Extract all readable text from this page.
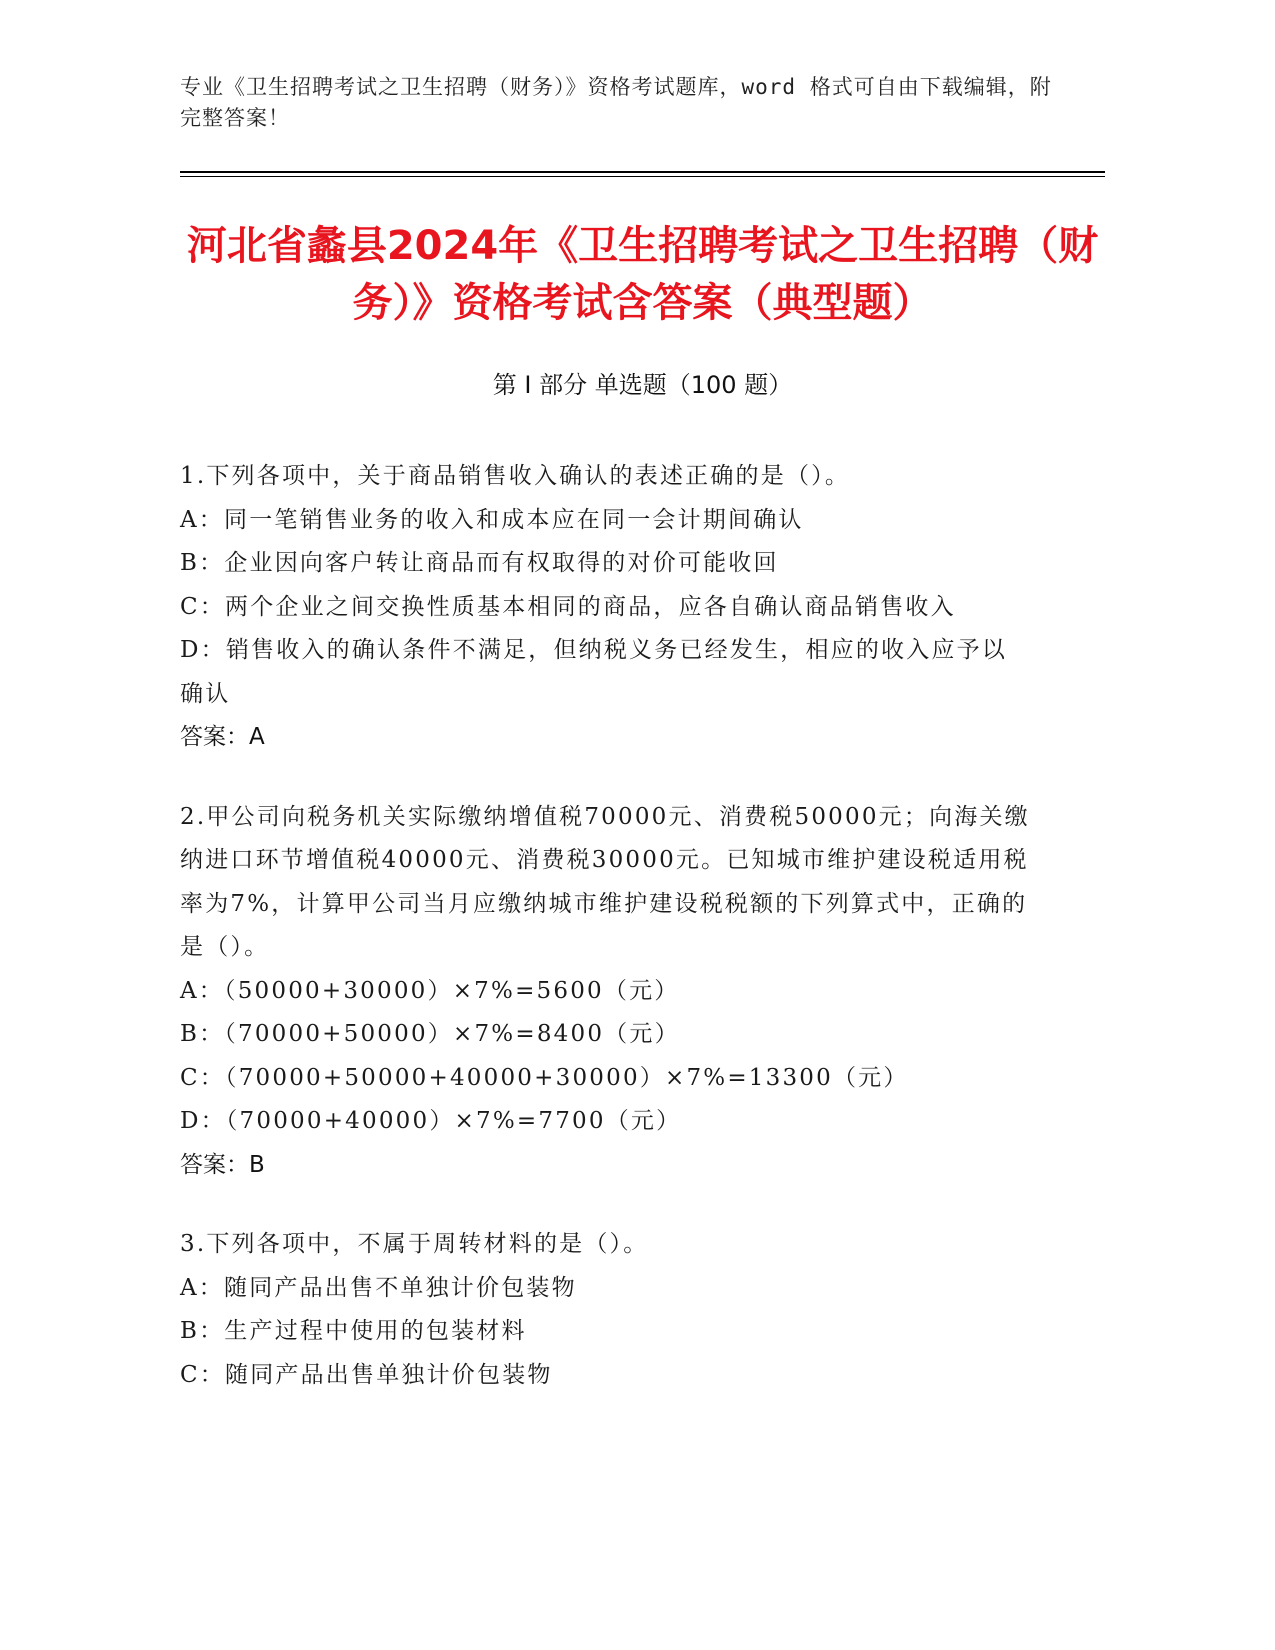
专业《卫生招聘考试之卫生招聘（财务）》资格考试题库，word 格式可自由下载编辑，附完整答案！
河北省蠡县2024年《卫生招聘考试之卫生招聘（财务）》资格考试含答案（典型题）
第 I 部分 单选题（100 题）

1.下列各项中，关于商品销售收入确认的表述正确的是（）。

A：同一笔销售业务的收入和成本应在同一会计期间确认

B：企业因向客户转让商品而有权取得的对价可能收回

C：两个企业之间交换性质基本相同的商品，应各自确认商品销售收入

D：销售收入的确认条件不满足，但纳税义务已经发生，相应的收入应予以确认

答案：A

2.甲公司向税务机关实际缴纳增值税70000元、消费税50000元；向海关缴纳进口环节增值税40000元、消费税30000元。已知城市维护建设税适用税率为7%，计算甲公司当月应缴纳城市维护建设税税额的下列算式中，正确的是（）。

A：（50000+30000）×7%=5600（元）

B：（70000+50000）×7%=8400（元）

C：（70000+50000+40000+30000）×7%=13300（元）

D：（70000+40000）×7%=7700（元）

答案：B

3.下列各项中，不属于周转材料的是（）。

A：随同产品出售不单独计价包装物

B：生产过程中使用的包装材料

C：随同产品出售单独计价包装物
